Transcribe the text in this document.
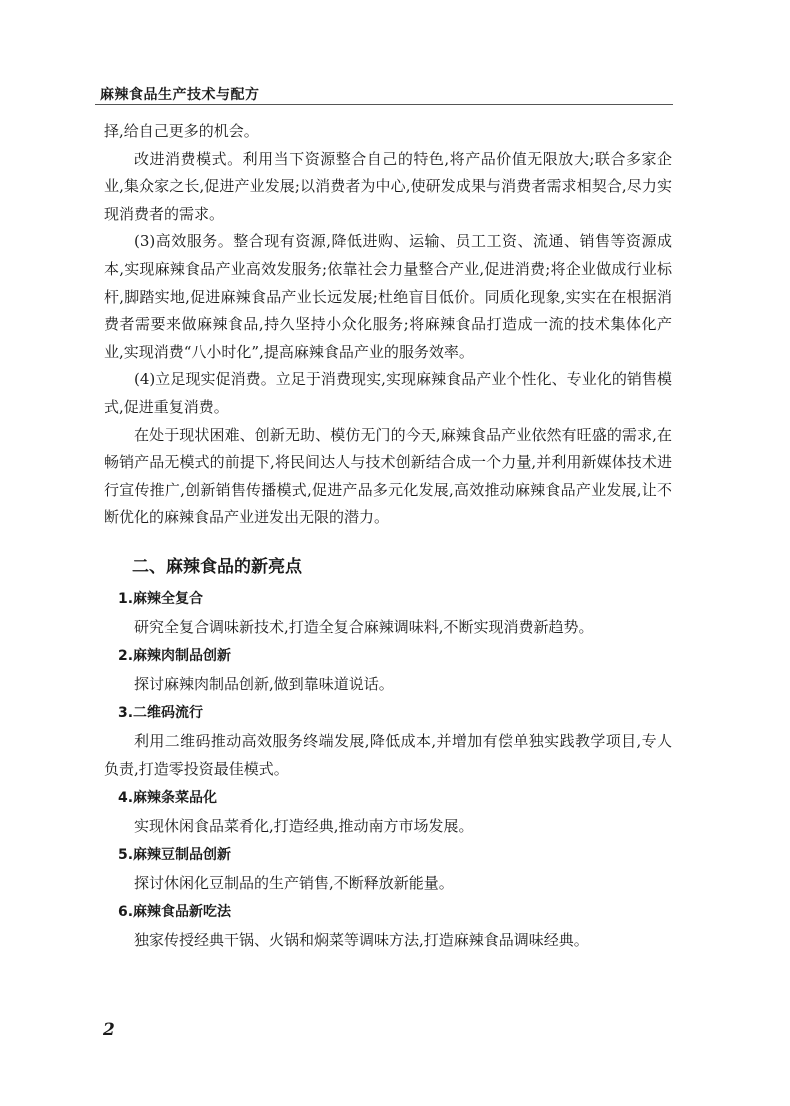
麻辣食品生产技术与配方

择,给自己更多的机会。

改进消费模式。利用当下资源整合自己的特色,将产品价值无限放大;联合多家企业,集众家之长,促进产业发展;以消费者为中心,使研发成果与消费者需求相契合,尽力实现消费者的需求。

(3)高效服务。整合现有资源,降低进购、运输、员工工资、流通、销售等资源成本,实现麻辣食品产业高效发服务;依靠社会力量整合产业,促进消费;将企业做成行业标杆,脚踏实地,促进麻辣食品产业长远发展;杜绝盲目低价。同质化现象,实实在在根据消费者需要来做麻辣食品,持久坚持小众化服务;将麻辣食品打造成一流的技术集体化产业,实现消费“八小时化”,提高麻辣食品产业的服务效率。

(4)立足现实促消费。立足于消费现实,实现麻辣食品产业个性化、专业化的销售模式,促进重复消费。

在处于现状困难、创新无助、模仿无门的今天,麻辣食品产业依然有旺盛的需求,在畅销产品无模式的前提下,将民间达人与技术创新结合成一个力量,并利用新媒体技术进行宣传推广,创新销售传播模式,促进产品多元化发展,高效推动麻辣食品产业发展,让不断优化的麻辣食品产业迸发出无限的潜力。

二、麻辣食品的新亮点
1.麻辣全复合

研究全复合调味新技术,打造全复合麻辣调味料,不断实现消费新趋势。

2.麻辣肉制品创新

探讨麻辣肉制品创新,做到靠味道说话。

3.二维码流行

利用二维码推动高效服务终端发展,降低成本,并增加有偿单独实践教学项目,专人负责,打造零投资最佳模式。

4.麻辣条菜品化

实现休闲食品菜肴化,打造经典,推动南方市场发展。

5.麻辣豆制品创新

探讨休闲化豆制品的生产销售,不断释放新能量。

6.麻辣食品新吃法

独家传授经典干锅、火锅和焖菜等调味方法,打造麻辣食品调味经典。

2
